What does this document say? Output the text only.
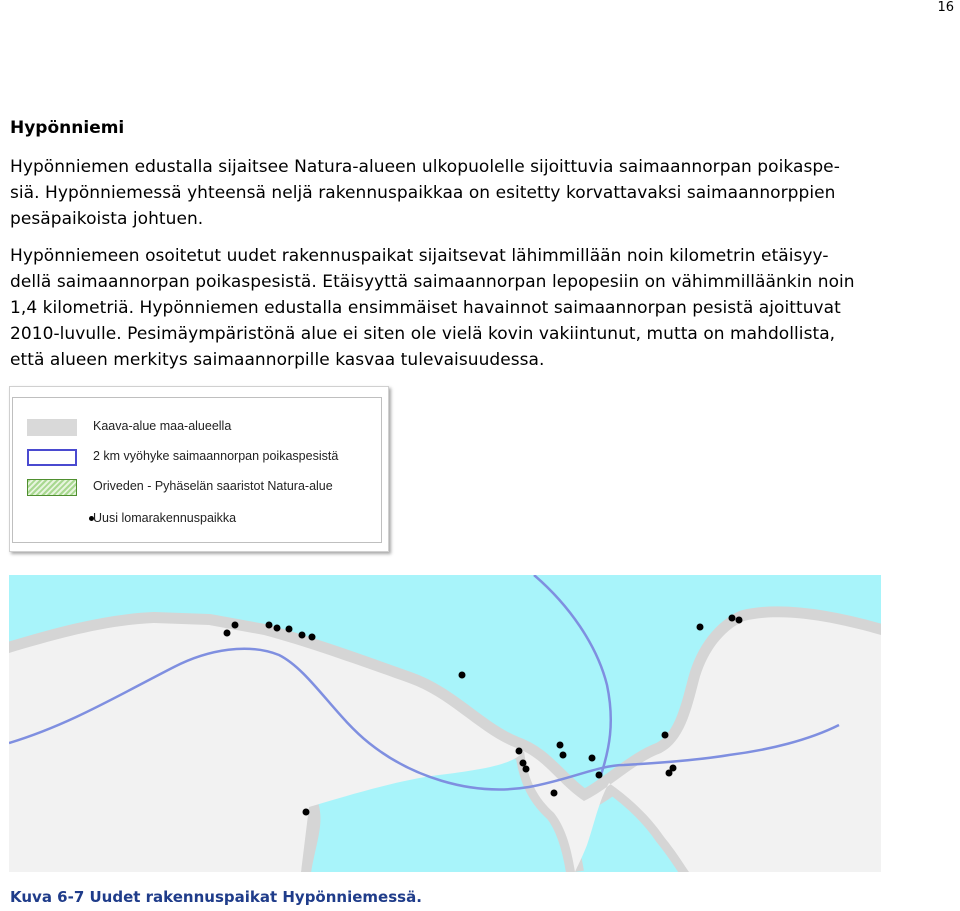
16
Hypönniemi

Hypönniemen edustalla sijaitsee Natura-alueen ulkopuolelle sijoittuvia saimaannorpan poikaspe-
siä. Hypönniemessä yhteensä neljä rakennuspaikkaa on esitetty korvattavaksi saimaannorppien
pesäpaikoista johtuen.

Hypönniemeen osoitetut uudet rakennuspaikat sijaitsevat lähimmillään noin kilometrin etäisyy-
dellä saimaannorpan poikaspesistä. Etäisyyttä saimaannorpan lepopesiin on vähimmilläänkin noin
1,4 kilometriä. Hypönniemen edustalla ensimmäiset havainnot saimaannorpan pesistä ajoittuvat
2010-luvulle. Pesimäympäristönä alue ei siten ole vielä kovin vakiintunut, mutta on mahdollista,
että alueen merkitys saimaannorpille kasvaa tulevaisuudessa.

Kaava-alue maa-alueella
2 km vyöhyke saimaannorpan poikaspesistä
Oriveden - Pyhäselän saaristot Natura-alue
Uusi lomarakennuspaikka

Kuva 6-7 Uudet rakennuspaikat Hypönniemessä.
